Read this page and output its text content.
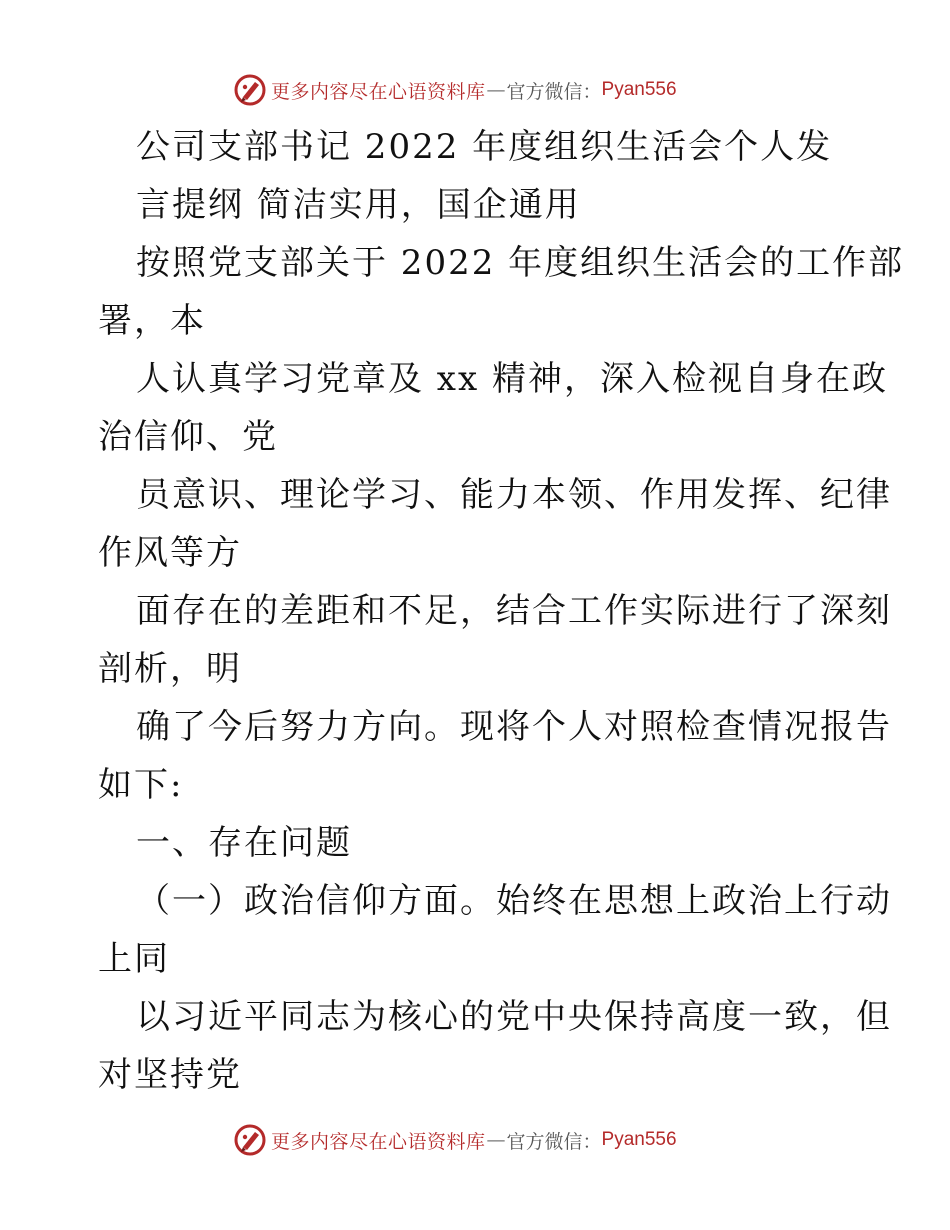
更多内容尽在心语资料库 — 官方微信： Pyan556
公司支部书记 2022 年度组织生活会个人发
言提纲 简洁实用，国企通用
按照党支部关于 2022 年度组织生活会的工作部
署，本
人认真学习党章及 xx 精神，深入检视自身在政
治信仰、党
员意识、理论学习、能力本领、作用发挥、纪律
作风等方
面存在的差距和不足，结合工作实际进行了深刻
剖析，明
确了今后努力方向。现将个人对照检查情况报告
如下:
一、存在问题
（一）政治信仰方面。始终在思想上政治上行动
上同
以习近平同志为核心的党中央保持高度一致，但
对坚持党
更多内容尽在心语资料库 — 官方微信： Pyan556
